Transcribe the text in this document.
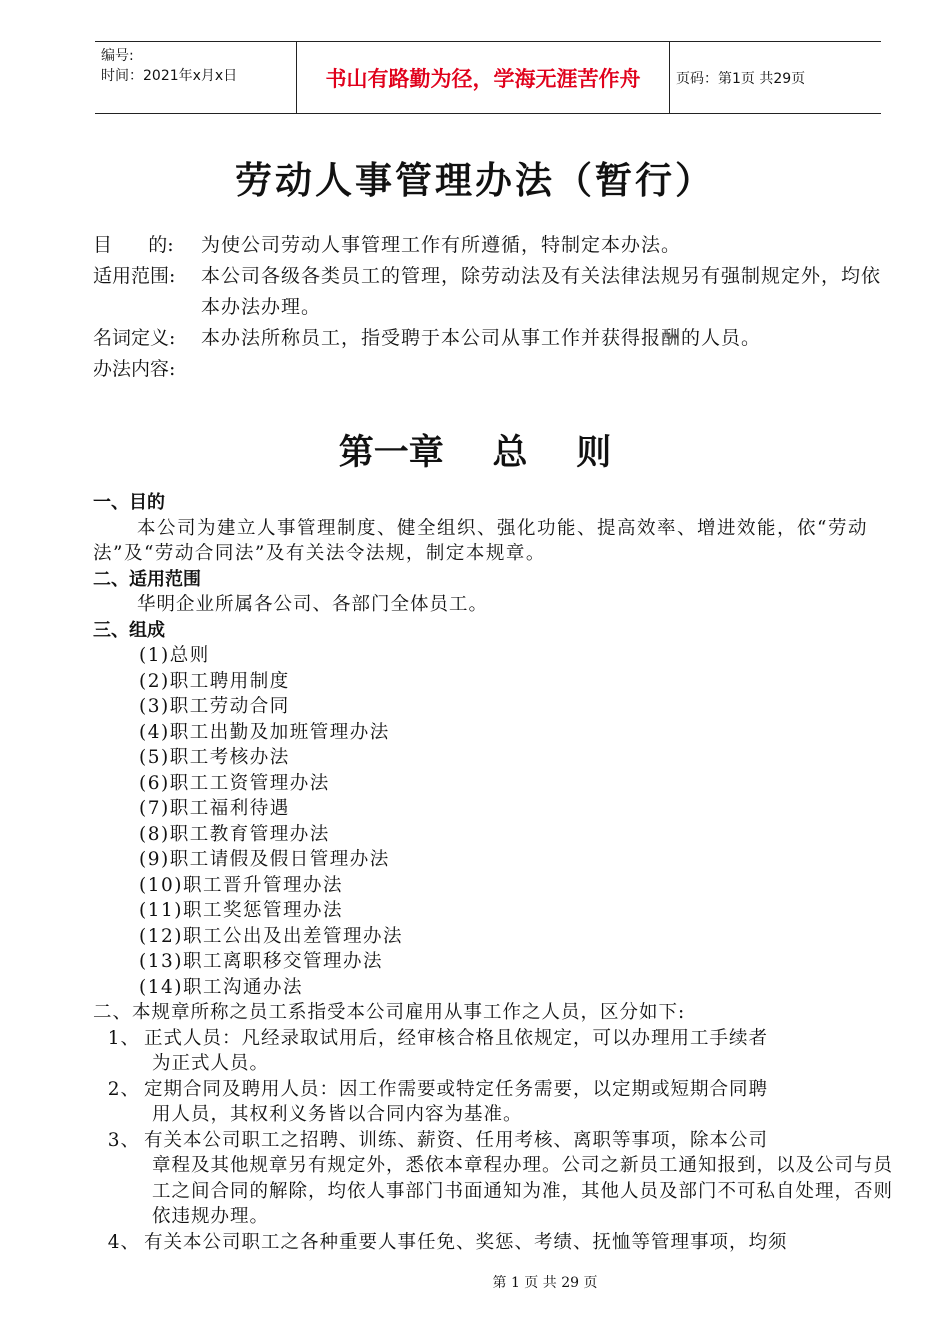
编号:
时间：2021年x月x日	书山有路勤为径，学海无涯苦作舟	页码：第1页 共29页
劳动人事管理办法（暂行）
目      的:	为使公司劳动人事管理工作有所遵循，特制定本办法。
适用范围:	本公司各级各类员工的管理，除劳动法及有关法律法规另有强制规定外，均依本办法办理。
名词定义:	本办法所称员工，指受聘于本公司从事工作并获得报酬的人员。
办法内容:
第一章    总    则
一、目的
本公司为建立人事管理制度、健全组织、强化功能、提高效率、增进效能，依“劳动法”及“劳动合同法”及有关法令法规，制定本规章。
二、适用范围
华明企业所属各公司、各部门全体员工。
三、组成
(1)总则
(2)职工聘用制度
(3)职工劳动合同
(4)职工出勤及加班管理办法
(5)职工考核办法
(6)职工工资管理办法
(7)职工福利待遇
(8)职工教育管理办法
(9)职工请假及假日管理办法
(10)职工晋升管理办法
(11)职工奖惩管理办法
(12)职工公出及出差管理办法
(13)职工离职移交管理办法
(14)职工沟通办法
二、本规章所称之员工系指受本公司雇用从事工作之人员，区分如下:
1、 正式人员：凡经录取试用后，经审核合格且依规定，可以办理用工手续者
为正式人员。
2、 定期合同及聘用人员：因工作需要或特定任务需要，以定期或短期合同聘
用人员，其权利义务皆以合同内容为基准。
3、 有关本公司职工之招聘、训练、薪资、任用考核、离职等事项，除本公司
章程及其他规章另有规定外，悉依本章程办理。公司之新员工通知报到，以及公司与员工之间合同的解除，均依人事部门书面通知为准，其他人员及部门不可私自处理，否则依违规办理。
4、 有关本公司职工之各种重要人事任免、奖惩、考绩、抚恤等管理事项，均须
第 1 页 共 29 页
